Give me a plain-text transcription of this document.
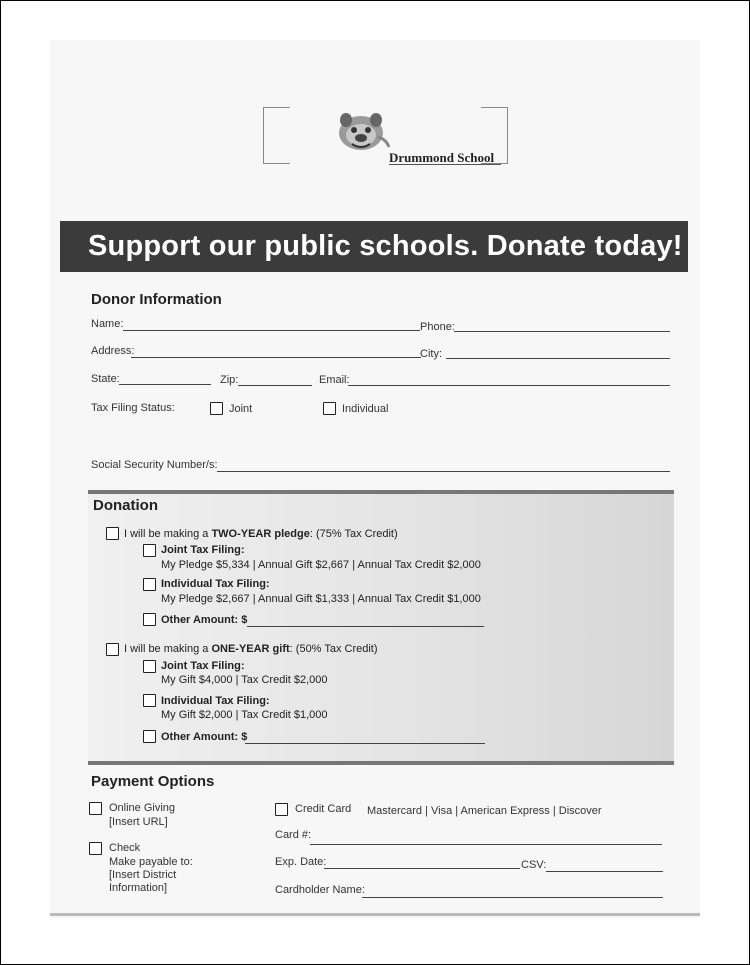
Drummond School
Support our public schools. Donate today!
Donor Information
Name:	Phone:
Address:	City:
State:	Zip:	Email:
Tax Filing Status:	Joint	Individual
Social Security Number/s:
Donation
I will be making a TWO-YEAR pledge: (75% Tax Credit)
Joint Tax Filing:
My Pledge $5,334 | Annual Gift $2,667 | Annual Tax Credit $2,000
Individual Tax Filing:
My Pledge $2,667 | Annual Gift $1,333 | Annual Tax Credit $1,000
Other Amount: $
I will be making a ONE-YEAR gift: (50% Tax Credit)
Joint Tax Filing:
My Gift $4,000 | Tax Credit $2,000
Individual Tax Filing:
My Gift $2,000 | Tax Credit $1,000
Other Amount: $
Payment Options
Online Giving
[Insert URL]
Check
Make payable to:
[Insert District
Information]
Credit Card Mastercard | Visa | American Express | Discover
Card #:
Exp. Date:	CSV:
Cardholder Name:
